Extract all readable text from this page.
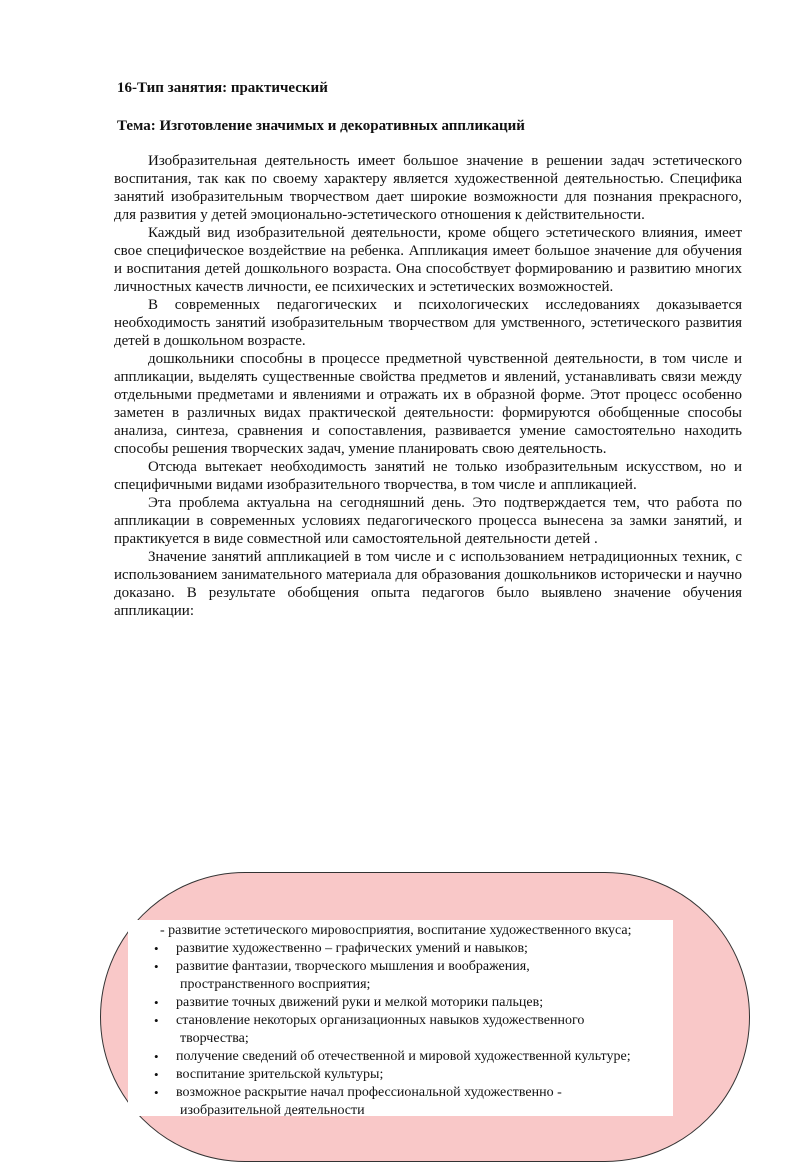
16-Тип занятия: практический
Тема: Изготовление значимых и декоративных аппликаций

Изобразительная деятельность имеет большое значение в решении задач эстетического воспитания, так как по своему характеру является художественной деятельностью. Специфика занятий изобразительным творчеством дает широкие возможности для познания прекрасного, для развития у детей эмоционально-эстетического отношения к действительности.

Каждый вид изобразительной деятельности, кроме общего эстетического влияния, имеет свое специфическое воздействие на ребенка. Аппликация имеет большое значение для обучения и воспитания детей дошкольного возраста. Она способствует формированию и развитию многих личностных качеств личности, ее психических и эстетических возможностей.

В современных педагогических и психологических исследованиях доказывается необходимость занятий изобразительным творчеством для умственного, эстетического развития детей в дошкольном возрасте.

дошкольники способны в процессе предметной чувственной деятельности, в том числе и аппликации, выделять существенные свойства предметов и явлений, устанавливать связи между отдельными предметами и явлениями и отражать их в образной форме. Этот процесс особенно заметен в различных видах практической деятельности: формируются обобщенные способы анализа, синтеза, сравнения и сопоставления, развивается умение самостоятельно находить способы решения творческих задач, умение планировать свою деятельность.

Отсюда вытекает необходимость занятий не только изобразительным искусством, но и специфичными видами изобразительного творчества, в том числе и аппликацией.

Эта проблема актуальна на сегодняшний день. Это подтверждается тем, что работа по аппликации в современных условиях педагогического процесса вынесена за замки занятий, и практикуется в виде совместной или самостоятельной деятельности детей .

Значение занятий аппликацией в том числе и с использованием нетрадиционных техник, с использованием занимательного материала для образования дошкольников исторически и научно доказано. В результате обобщения опыта педагогов было выявлено значение обучения аппликации:

- развитие эстетического мировосприятия, воспитание художественного вкуса;

• развитие художественно – графических умений и навыков;
• развитие фантазии, творческого мышления и воображения,
пространственного восприятия;
• развитие точных движений руки и мелкой моторики пальцев;
• становление некоторых организационных навыков художественного
творчества;
• получение сведений об отечественной и мировой художественной культуре;
• воспитание зрительской культуры;
• возможное раскрытие начал профессиональной художественно -
изобразительной деятельности
